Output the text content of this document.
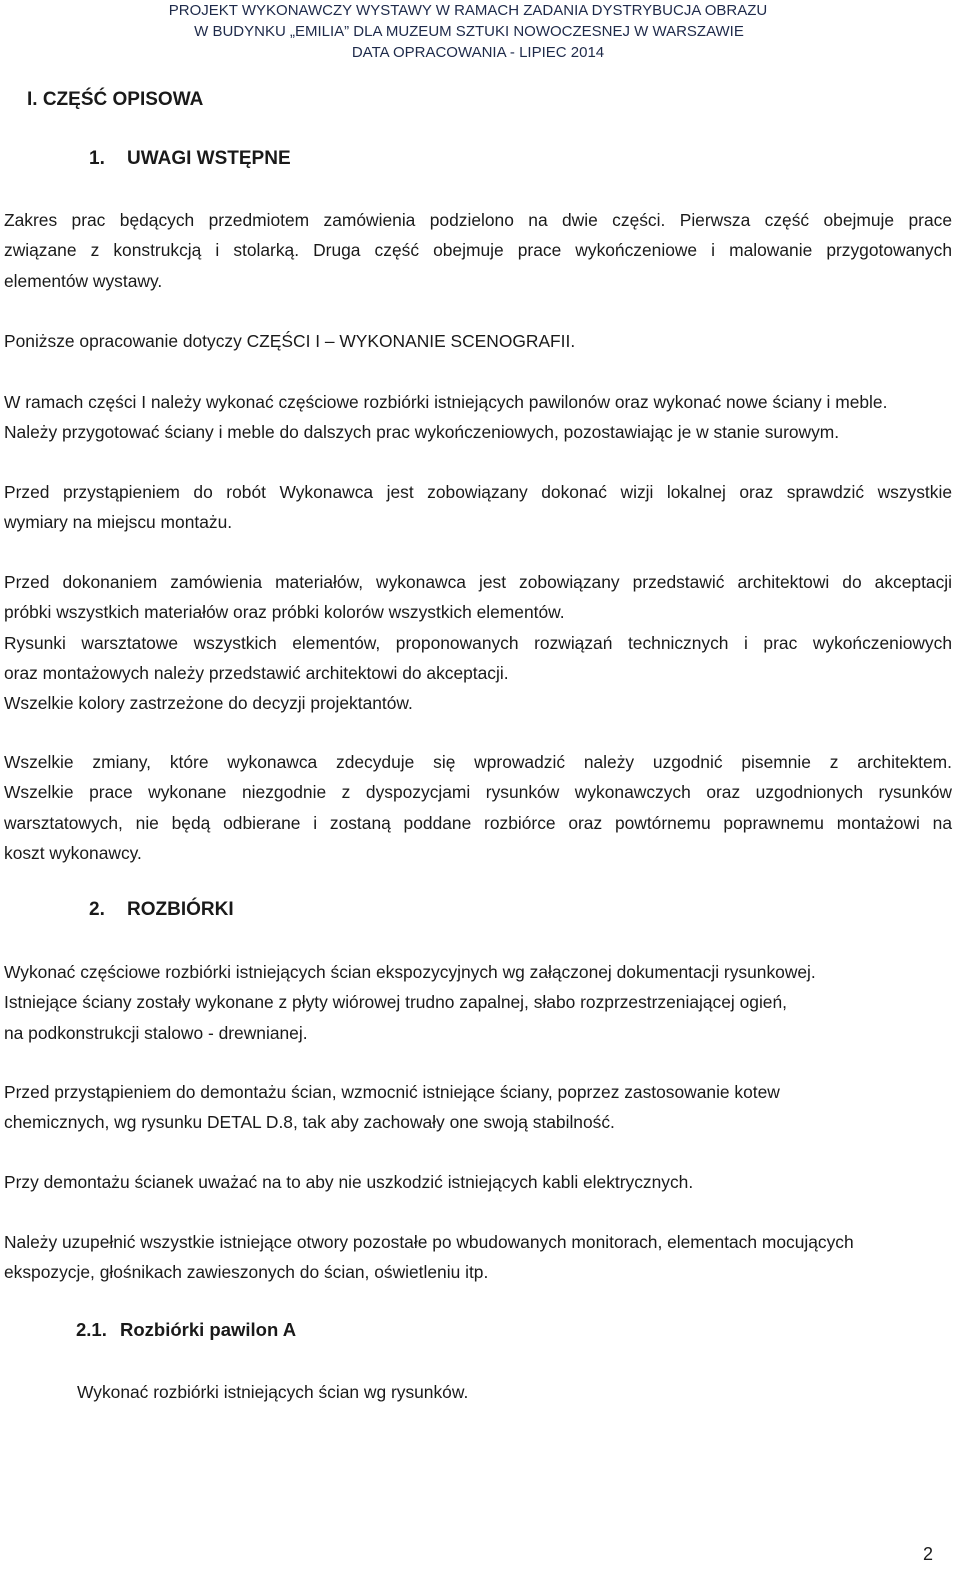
PROJEKT WYKONAWCZY WYSTAWY W RAMACH ZADANIA DYSTRYBUCJA OBRAZU
W BUDYNKU „EMILIA” DLA MUZEUM SZTUKI NOWOCZESNEJ W WARSZAWIE
DATA OPRACOWANIA - LIPIEC 2014
I. CZĘŚĆ OPISOWA
1. UWAGI WSTĘPNE
Zakres prac będących przedmiotem zamówienia podzielono na dwie części. Pierwsza część obejmuje prace
związane z konstrukcją i stolarką. Druga część obejmuje prace wykończeniowe i malowanie przygotowanych
elementów wystawy.
Poniższe opracowanie dotyczy CZĘŚCI I – WYKONANIE SCENOGRAFII.
W ramach części I należy wykonać częściowe rozbiórki istniejących pawilonów oraz wykonać nowe ściany i meble.
Należy przygotować ściany i meble do dalszych prac wykończeniowych, pozostawiając je w stanie surowym.
Przed przystąpieniem do robót Wykonawca jest zobowiązany dokonać wizji lokalnej oraz sprawdzić wszystkie
wymiary na miejscu montażu.
Przed dokonaniem zamówienia materiałów, wykonawca jest zobowiązany przedstawić architektowi do akceptacji
próbki wszystkich materiałów oraz próbki kolorów wszystkich elementów.
Rysunki warsztatowe wszystkich elementów, proponowanych rozwiązań technicznych i prac wykończeniowych
oraz montażowych należy przedstawić architektowi do akceptacji.
Wszelkie kolory zastrzeżone do decyzji projektantów.
Wszelkie zmiany, które wykonawca zdecyduje się wprowadzić należy uzgodnić pisemnie z architektem.
Wszelkie prace wykonane niezgodnie z dyspozycjami rysunków wykonawczych oraz uzgodnionych rysunków
warsztatowych, nie będą odbierane i zostaną poddane rozbiórce oraz powtórnemu poprawnemu montażowi na
koszt wykonawcy.
2. ROZBIÓRKI
Wykonać częściowe rozbiórki istniejących ścian ekspozycyjnych wg załączonej dokumentacji rysunkowej.
Istniejące ściany zostały wykonane z płyty wiórowej trudno zapalnej, słabo rozprzestrzeniającej ogień,
na podkonstrukcji stalowo - drewnianej.
Przed przystąpieniem do demontażu ścian, wzmocnić istniejące ściany, poprzez zastosowanie kotew
chemicznych, wg rysunku DETAL D.8, tak aby zachowały one swoją stabilność.
Przy demontażu ścianek uważać na to aby nie uszkodzić istniejących kabli elektrycznych.
Należy uzupełnić wszystkie istniejące otwory pozostałe po wbudowanych monitorach, elementach mocujących
ekspozycje, głośnikach zawieszonych do ścian, oświetleniu itp.
2.1. Rozbiórki pawilon A
Wykonać rozbiórki istniejących ścian wg rysunków.
2
